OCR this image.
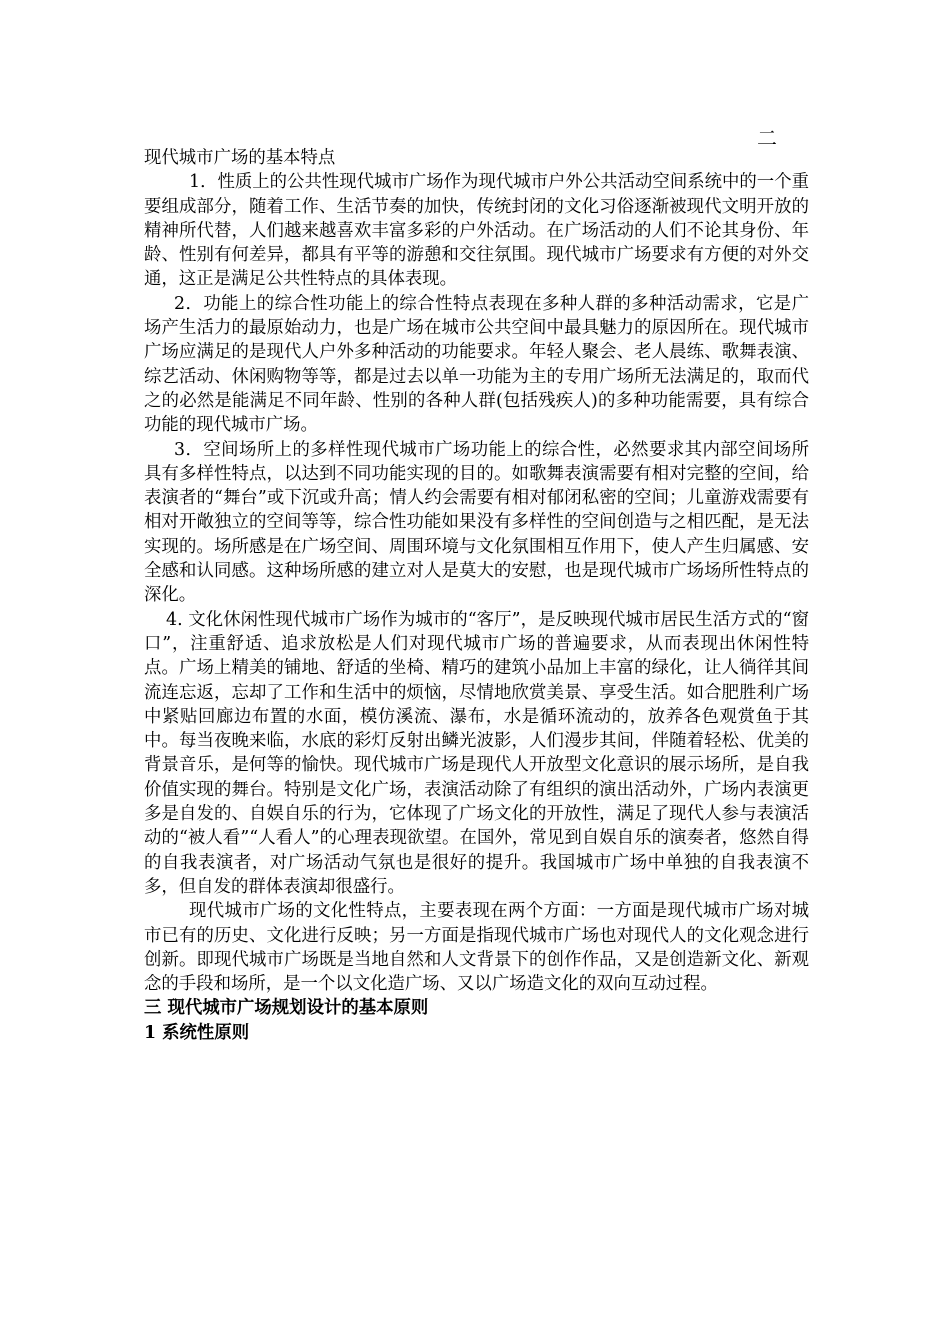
二

现代城市广场的基本特点

1．性质上的公共性现代城市广场作为现代城市户外公共活动空间系统中的一个重要组成部分，随着工作、生活节奏的加快，传统封闭的文化习俗逐渐被现代文明开放的精神所代替，人们越来越喜欢丰富多彩的户外活动。在广场活动的人们不论其身份、年龄、性别有何差异，都具有平等的游憩和交往氛围。现代城市广场要求有方便的对外交通，这正是满足公共性特点的具体表现。

2．功能上的综合性功能上的综合性特点表现在多种人群的多种活动需求，它是广场产生活力的最原始动力，也是广场在城市公共空间中最具魅力的原因所在。现代城市广场应满足的是现代人户外多种活动的功能要求。年轻人聚会、老人晨练、歌舞表演、综艺活动、休闲购物等等，都是过去以单一功能为主的专用广场所无法满足的，取而代之的必然是能满足不同年龄、性别的各种人群(包括残疾人)的多种功能需要，具有综合功能的现代城市广场。

3．空间场所上的多样性现代城市广场功能上的综合性，必然要求其内部空间场所具有多样性特点，以达到不同功能实现的目的。如歌舞表演需要有相对完整的空间，给表演者的“舞台”或下沉或升高；情人约会需要有相对郁闭私密的空间；儿童游戏需要有相对开敞独立的空间等等，综合性功能如果没有多样性的空间创造与之相匹配，是无法实现的。场所感是在广场空间、周围环境与文化氛围相互作用下，使人产生归属感、安全感和认同感。这种场所感的建立对人是莫大的安慰，也是现代城市广场场所性特点的深化。

4. 文化休闲性现代城市广场作为城市的“客厅”，是反映现代城市居民生活方式的“窗口”，注重舒适、追求放松是人们对现代城市广场的普遍要求，从而表现出休闲性特点。广场上精美的铺地、舒适的坐椅、精巧的建筑小品加上丰富的绿化，让人徜徉其间流连忘返，忘却了工作和生活中的烦恼，尽情地欣赏美景、享受生活。如合肥胜利广场中紧贴回廊边布置的水面，模仿溪流、瀑布，水是循环流动的，放养各色观赏鱼于其中。每当夜晚来临，水底的彩灯反射出鳞光波影，人们漫步其间，伴随着轻松、优美的背景音乐，是何等的愉快。现代城市广场是现代人开放型文化意识的展示场所，是自我价值实现的舞台。特别是文化广场，表演活动除了有组织的演出活动外，广场内表演更多是自发的、自娱自乐的行为，它体现了广场文化的开放性，满足了现代人参与表演活动的“被人看”“人看人”的心理表现欲望。在国外，常见到自娱自乐的演奏者，悠然自得的自我表演者，对广场活动气氛也是很好的提升。我国城市广场中单独的自我表演不多，但自发的群体表演却很盛行。

现代城市广场的文化性特点，主要表现在两个方面：一方面是现代城市广场对城市已有的历史、文化进行反映；另一方面是指现代城市广场也对现代人的文化观念进行创新。即现代城市广场既是当地自然和人文背景下的创作作品，又是创造新文化、新观念的手段和场所，是一个以文化造广场、又以广场造文化的双向互动过程。

三 现代城市广场规划设计的基本原则

1 系统性原则
